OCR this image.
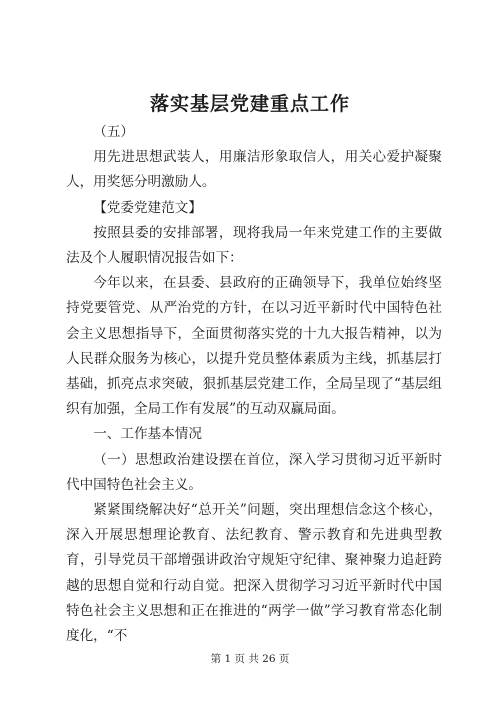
落实基层党建重点工作

（五）

用先进思想武装人，用廉洁形象取信人，用关心爱护凝聚人，用奖惩分明激励人。

【党委党建范文】

按照县委的安排部署，现将我局一年来党建工作的主要做法及个人履职情况报告如下：

今年以来，在县委、县政府的正确领导下，我单位始终坚持党要管党、从严治党的方针，在以习近平新时代中国特色社会主义思想指导下，全面贯彻落实党的十九大报告精神，以为人民群众服务为核心，以提升党员整体素质为主线，抓基层打基础，抓亮点求突破，狠抓基层党建工作，全局呈现了“基层组织有加强，全局工作有发展”的互动双赢局面。

一、工作基本情况

（一）思想政治建设摆在首位，深入学习贯彻习近平新时代中国特色社会主义。

紧紧围绕解决好“总开关”问题，突出理想信念这个核心，深入开展思想理论教育、法纪教育、警示教育和先进典型教育，引导党员干部增强讲政治守规矩守纪律、聚神聚力追赶跨越的思想自觉和行动自觉。把深入贯彻学习习近平新时代中国特色社会主义思想和正在推进的“两学一做”学习教育常态化制度化，“不

第 1 页 共 26 页
